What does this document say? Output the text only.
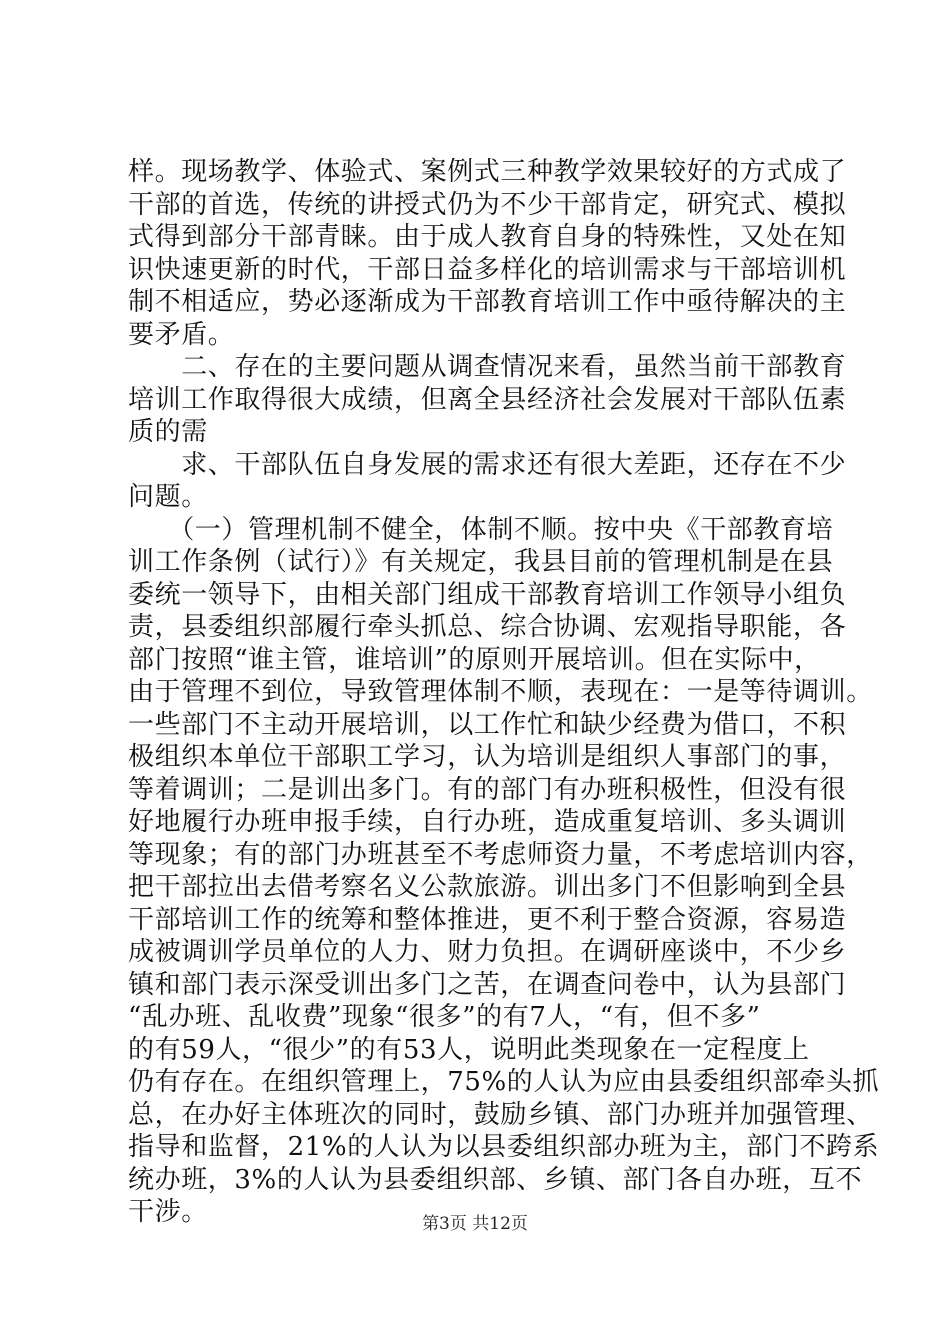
样。现场教学、体验式、案例式三种教学效果较好的方式成了
干部的首选，传统的讲授式仍为不少干部肯定，研究式、模拟
式得到部分干部青睐。由于成人教育自身的特殊性，又处在知
识快速更新的时代，干部日益多样化的培训需求与干部培训机
制不相适应，势必逐渐成为干部教育培训工作中亟待解决的主
要矛盾。
　　二、存在的主要问题从调查情况来看，虽然当前干部教育
培训工作取得很大成绩，但离全县经济社会发展对干部队伍素
质的需
　　求、干部队伍自身发展的需求还有很大差距，还存在不少
问题。
　　（一）管理机制不健全，体制不顺。按中央《干部教育培
训工作条例（试行）》有关规定，我县目前的管理机制是在县
委统一领导下，由相关部门组成干部教育培训工作领导小组负
责，县委组织部履行牵头抓总、综合协调、宏观指导职能，各
部门按照“谁主管，谁培训”的原则开展培训。但在实际中，
由于管理不到位，导致管理体制不顺，表现在：一是等待调训。
一些部门不主动开展培训，以工作忙和缺少经费为借口，不积
极组织本单位干部职工学习，认为培训是组织人事部门的事，
等着调训；二是训出多门。有的部门有办班积极性，但没有很
好地履行办班申报手续，自行办班，造成重复培训、多头调训
等现象；有的部门办班甚至不考虑师资力量，不考虑培训内容，
把干部拉出去借考察名义公款旅游。训出多门不但影响到全县
干部培训工作的统筹和整体推进，更不利于整合资源，容易造
成被调训学员单位的人力、财力负担。在调研座谈中，不少乡
镇和部门表示深受训出多门之苦，在调查问卷中，认为县部门
“乱办班、乱收费”现象“很多”的有7人，“有，但不多”
的有59人，“很少”的有53人，说明此类现象在一定程度上
仍有存在。在组织管理上，75%的人认为应由县委组织部牵头抓
总，在办好主体班次的同时，鼓励乡镇、部门办班并加强管理、
指导和监督，21%的人认为以县委组织部办班为主，部门不跨系
统办班，3%的人认为县委组织部、乡镇、部门各自办班，互不
干涉。	第3页 共12页
